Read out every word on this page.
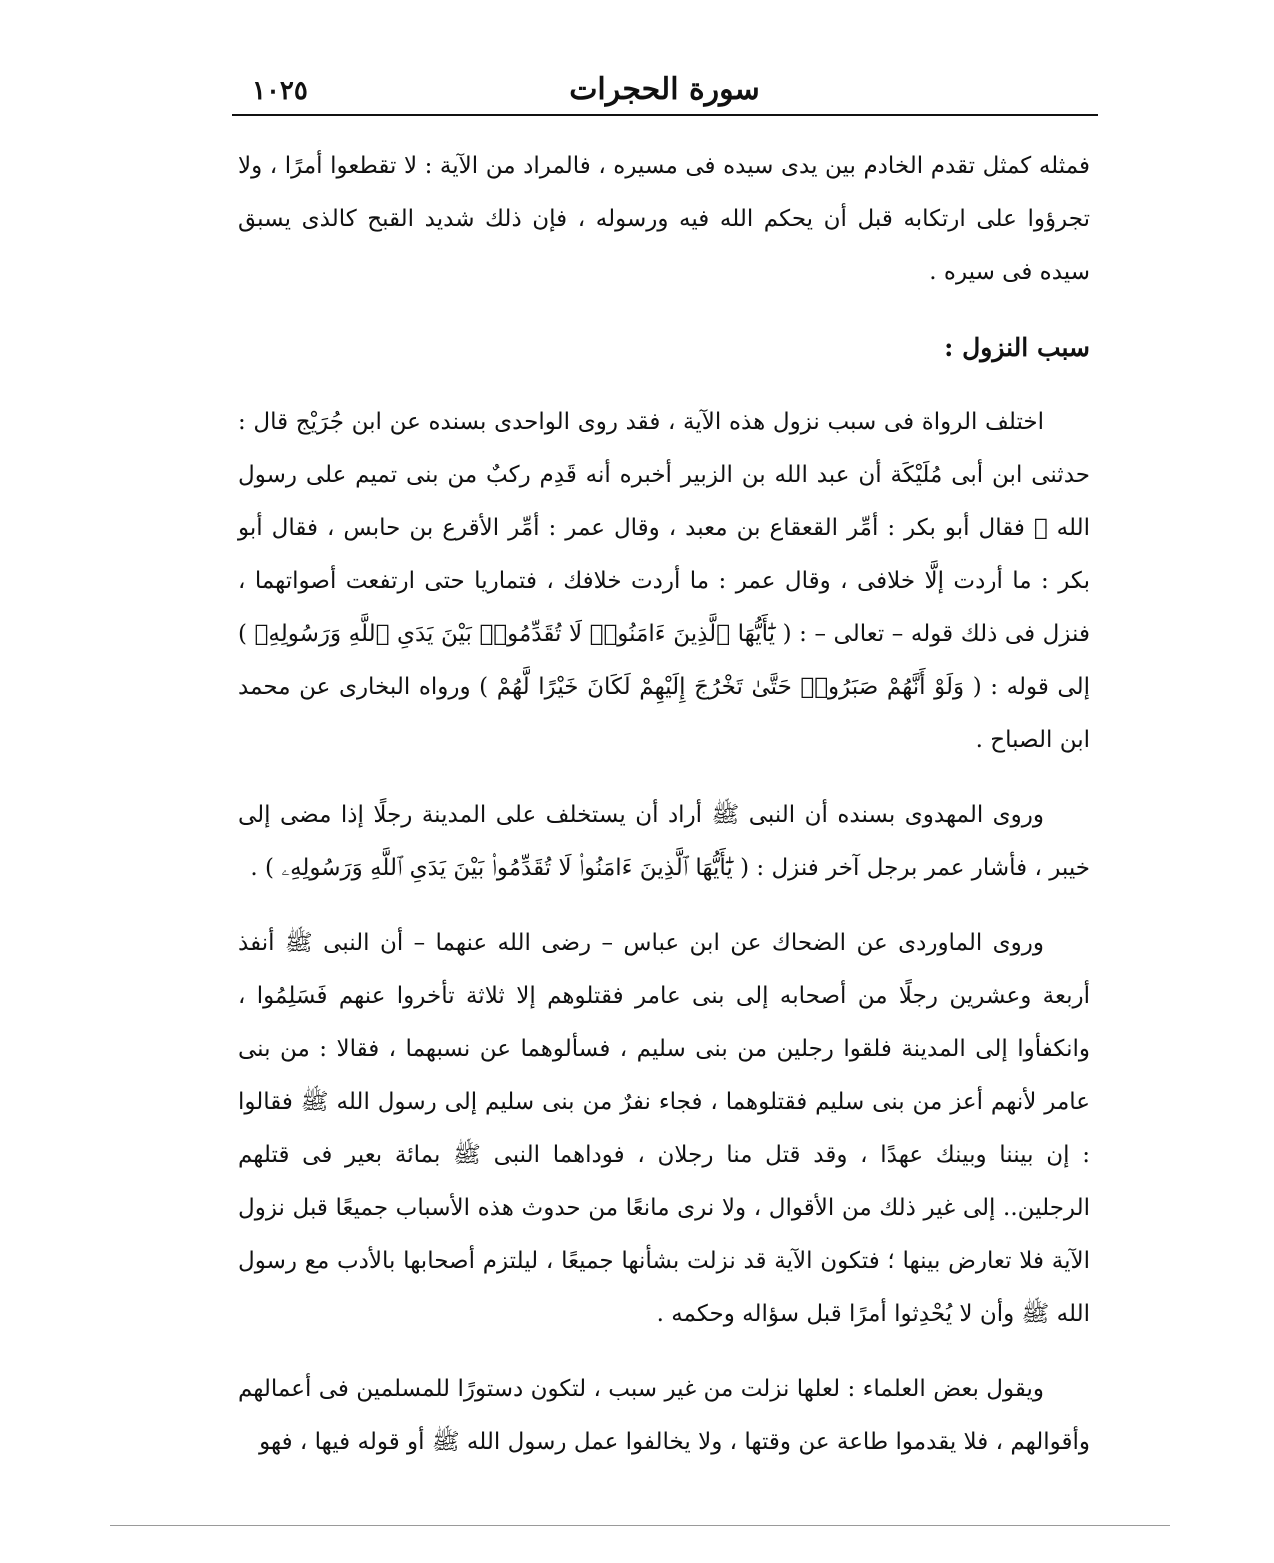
سورة الحجرات
١٠٢٥

فمثله كمثل تقدم الخادم بين يدى سيده فى مسيره ، فالمراد من الآية : لا تقطعوا أمرًا ، ولا تجرؤوا على ارتكابه قبل أن يحكم الله فيه ورسوله ، فإن ذلك شديد القبح كالذى يسبق سيده فى سيره .

سبب النزول :

اختلف الرواة فى سبب نزول هذه الآية ، فقد روى الواحدى بسنده عن ابن جُرَيْج قال : حدثنى ابن أبى مُلَيْكَة أن عبد الله بن الزبير أخبره أنه قَدِم ركبٌ من بنى تميم على رسول الله ﷺ فقال أبو بكر : أمِّر القعقاع بن معبد ، وقال عمر : أمِّر الأقرع بن حابس ، فقال أبو بكر : ما أردت إلَّا خلافى ، وقال عمر : ما أردت خلافك ، فتماريا حتى ارتفعت أصواتهما ، فنزل فى ذلك قوله – تعالى – : ( يَٰٓأَيُّهَا ٱلَّذِينَ ءَامَنُوا۟ لَا تُقَدِّمُوا۟ بَيْنَ يَدَىِ ٱللَّهِ وَرَسُولِهِۦ ) إلى قوله : ( وَلَوْ أَنَّهُمْ صَبَرُوا۟ حَتَّىٰ تَخْرُجَ إِلَيْهِمْ لَكَانَ خَيْرًا لَّهُمْ ) ورواه البخارى عن محمد ابن الصباح .

وروى المهدوى بسنده أن النبى ﷺ أراد أن يستخلف على المدينة رجلًا إذا مضى إلى خيبر ، فأشار عمر برجل آخر فنزل : ( يَٰٓأَيُّهَا ٱلَّذِينَ ءَامَنُوا۟ لَا تُقَدِّمُوا۟ بَيْنَ يَدَىِ ٱللَّهِ وَرَسُولِهِۦ ) .

وروى الماوردى عن الضحاك عن ابن عباس – رضى الله عنهما – أن النبى ﷺ أنفذ أربعة وعشرين رجلًا من أصحابه إلى بنى عامر فقتلوهم إلا ثلاثة تأخروا عنهم فَسَلِمُوا ، وانكفأوا إلى المدينة فلقوا رجلين من بنى سليم ، فسألوهما عن نسبهما ، فقالا : من بنى عامر لأنهم أعز من بنى سليم فقتلوهما ، فجاء نفرٌ من بنى سليم إلى رسول الله ﷺ فقالوا : إن بيننا وبينك عهدًا ، وقد قتل منا رجلان ، فوداهما النبى ﷺ بمائة بعير فى قتلهم الرجلين.. إلى غير ذلك من الأقوال ، ولا نرى مانعًا من حدوث هذه الأسباب جميعًا قبل نزول الآية فلا تعارض بينها ؛ فتكون الآية قد نزلت بشأنها جميعًا ، ليلتزم أصحابها بالأدب مع رسول الله ﷺ وأن لا يُحْدِثوا أمرًا قبل سؤاله وحكمه .

ويقول بعض العلماء : لعلها نزلت من غير سبب ، لتكون دستورًا للمسلمين فى أعمالهم وأقوالهم ، فلا يقدموا طاعة عن وقتها ، ولا يخالفوا عمل رسول الله ﷺ أو قوله فيها ، فهو
